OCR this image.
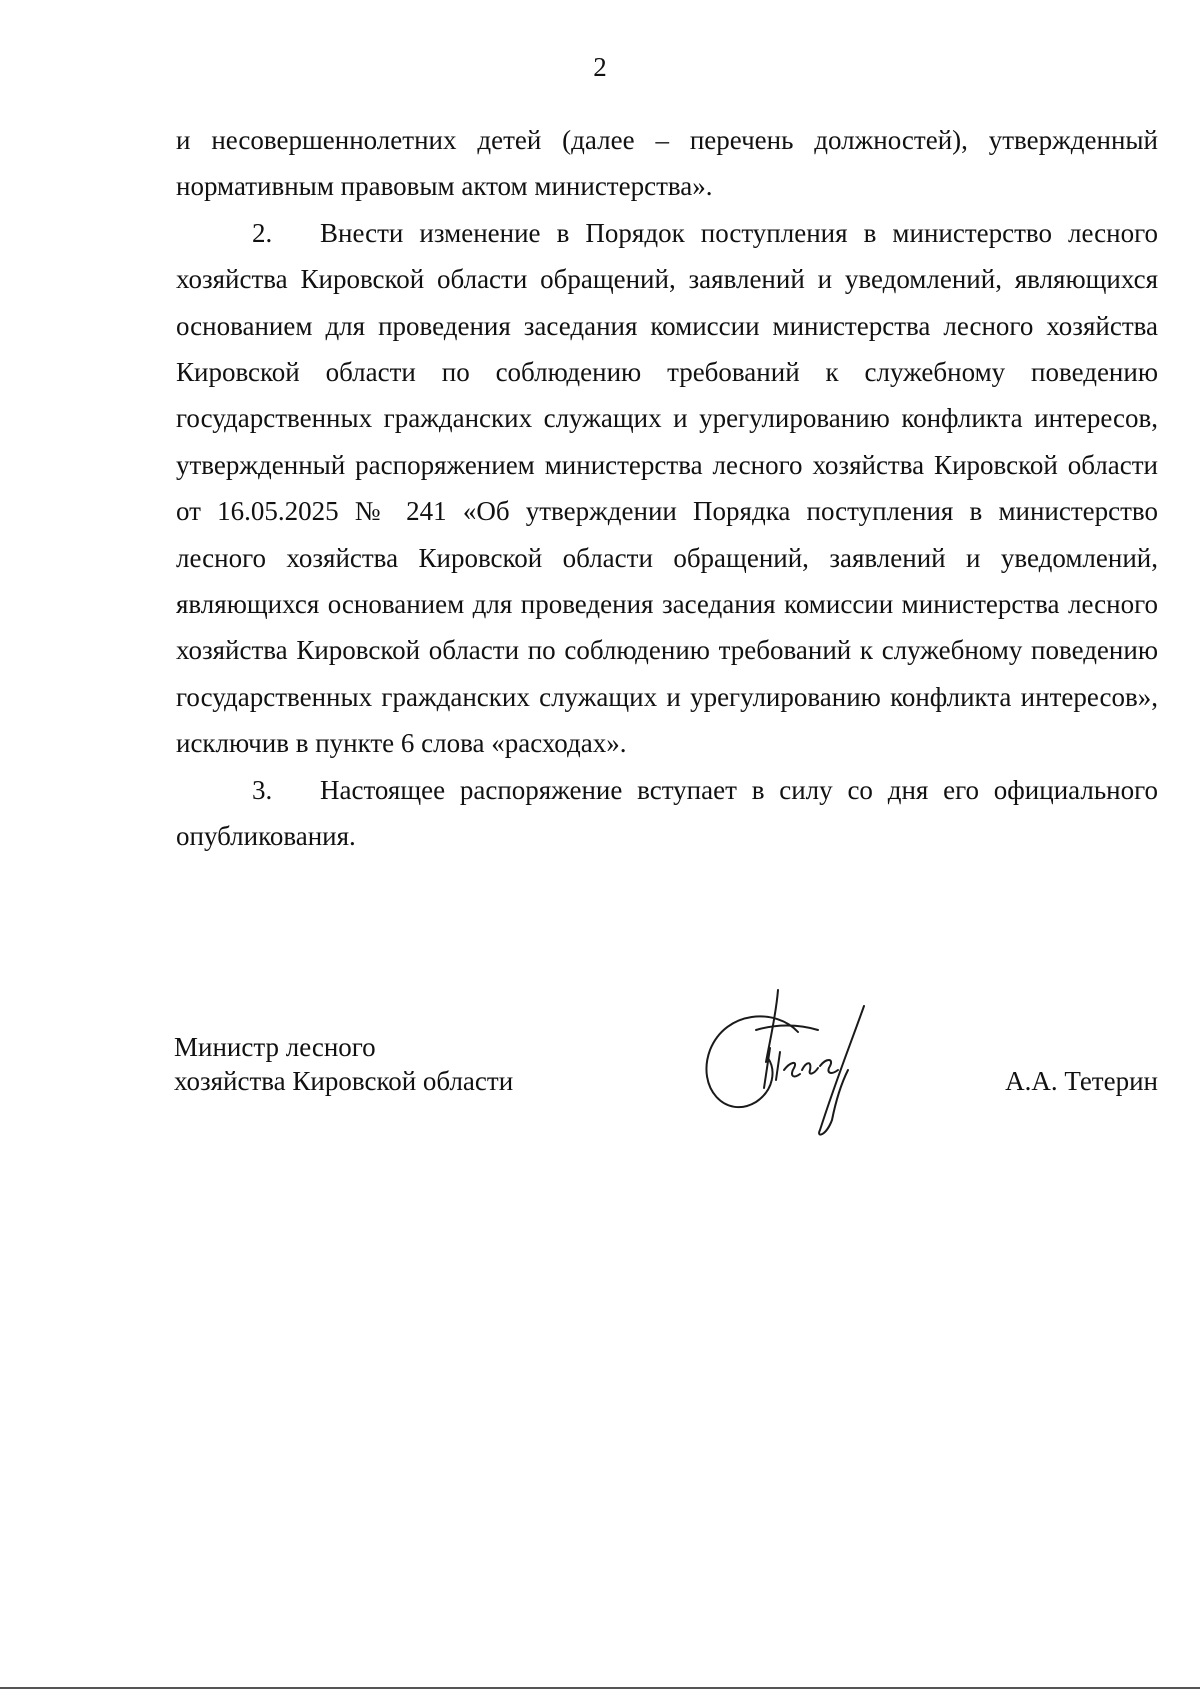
2

и несовершеннолетних детей (далее – перечень должностей), утвержденный нормативным правовым актом министерства».

2. Внести изменение в Порядок поступления в министерство лесного хозяйства Кировской области обращений, заявлений и уведомлений, являющихся основанием для проведения заседания комиссии министерства лесного хозяйства Кировской области по соблюдению требований к служебному поведению государственных гражданских служащих и урегулированию конфликта интересов, утвержденный распоряжением министерства лесного хозяйства Кировской области от 16.05.2025 № 241 «Об утверждении Порядка поступления в министерство лесного хозяйства Кировской области обращений, заявлений и уведомлений, являющихся основанием для проведения заседания комиссии министерства лесного хозяйства Кировской области по соблюдению требований к служебному поведению государственных гражданских служащих и урегулированию конфликта интересов», исключив в пункте 6 слова «расходах».

3. Настоящее распоряжение вступает в силу со дня его официального опубликования.

Министр лесного
хозяйства Кировской области	А.А. Тетерин
